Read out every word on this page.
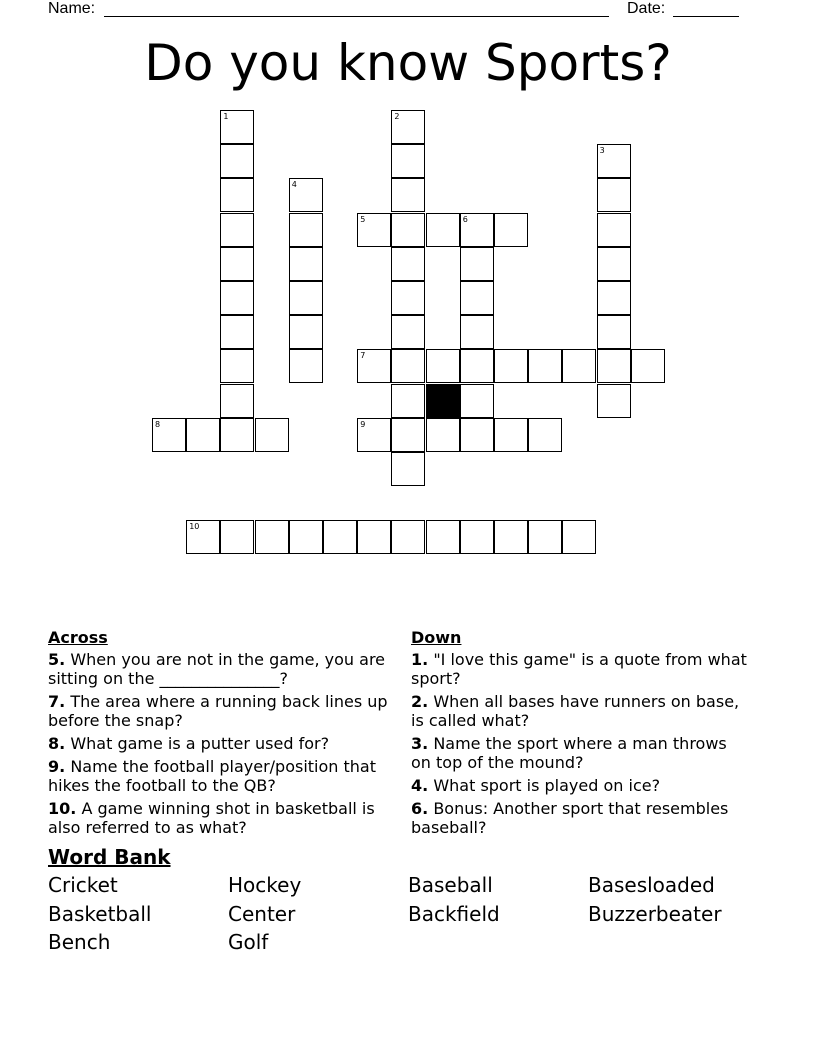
Name:	Date:
Do you know Sports?
1	2
3
4
6
5
7
8	9
10
Across
5. When you are not in the game, you are sitting on the _______________?
7. The area where a running back lines up before the snap?
8. What game is a putter used for?
9. Name the football player/position that hikes the football to the QB?
10. A game winning shot in basketball is also referred to as what?
Down
1. "I love this game" is a quote from what sport?
2. When all bases have runners on base, is called what?
3. Name the sport where a man throws on top of the mound?
4. What sport is played on ice?
6. Bonus: Another sport that resembles baseball?
Word Bank
Cricket	Hockey	Baseball	Basesloaded
Basketball	Center	Backfield	Buzzerbeater
Bench	Golf
